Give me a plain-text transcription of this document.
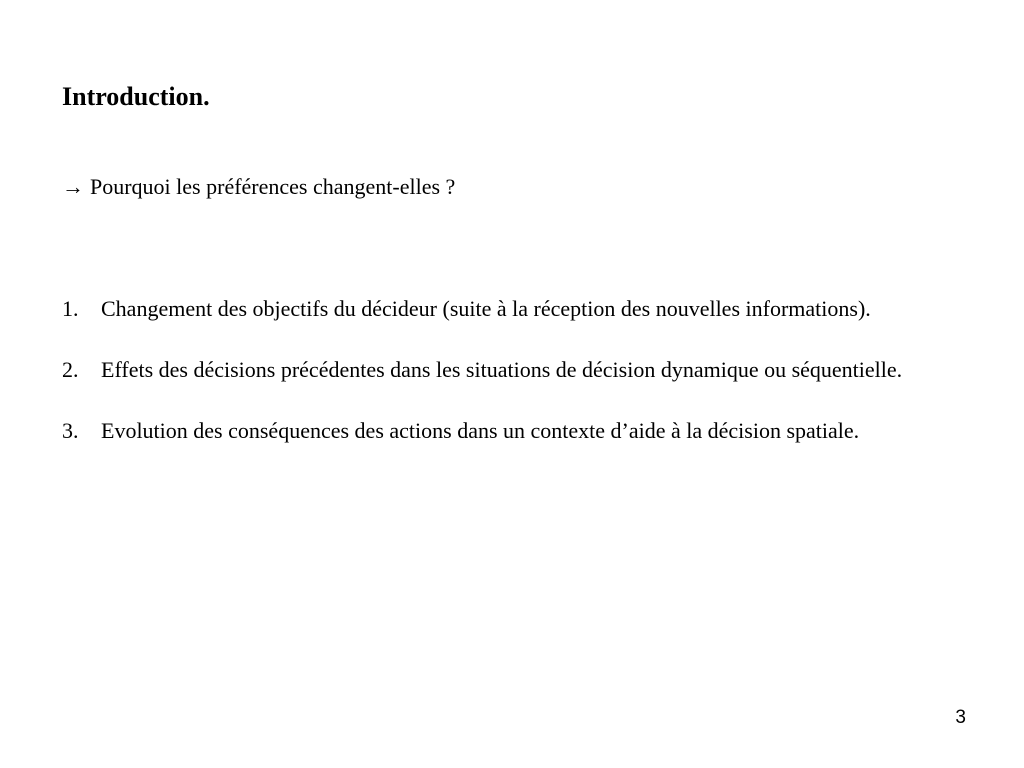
Introduction.

→ Pourquoi les préférences changent-elles ?

1. Changement des objectifs du décideur (suite à la réception des nouvelles informations).
2. Effets des décisions précédentes dans les situations de décision dynamique ou séquentielle.
3. Evolution des conséquences des actions dans un contexte d’aide à la décision spatiale.
3
